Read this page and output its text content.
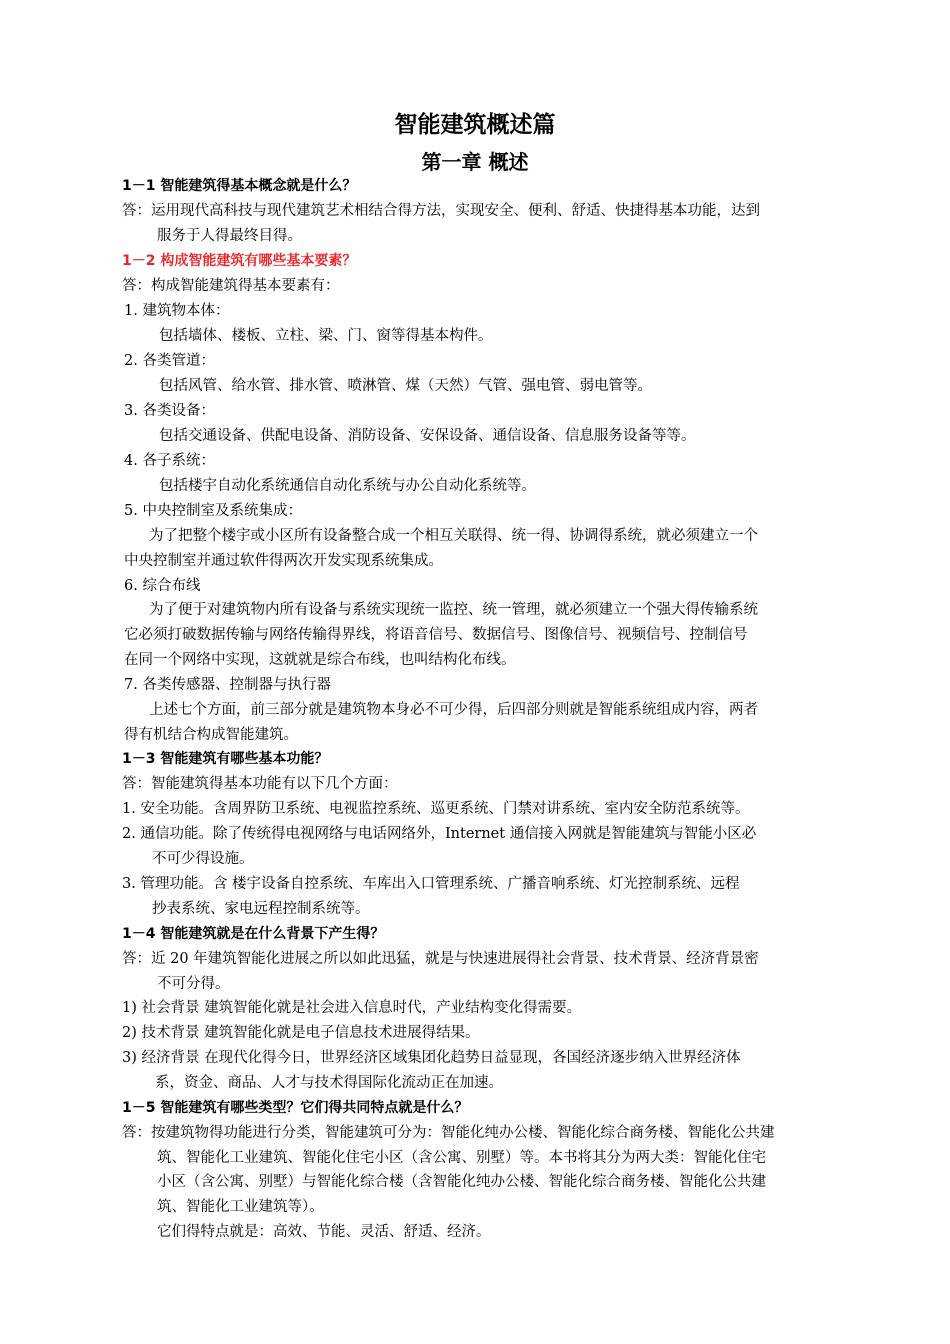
智能建筑概述篇
第一章 概述
1－1 智能建筑得基本概念就是什么？
答：运用现代高科技与现代建筑艺术相结合得方法，实现安全、便利、舒适、快捷得基本功能，达到
服务于人得最终目得。
1－2 构成智能建筑有哪些基本要素？
答：构成智能建筑得基本要素有：
1. 建筑物本体：
包括墙体、楼板、立柱、梁、门、窗等得基本构件。
2. 各类管道：
包括风管、给水管、排水管、喷淋管、煤（天然）气管、强电管、弱电管等。
3. 各类设备：
包括交通设备、供配电设备、消防设备、安保设备、通信设备、信息服务设备等等。
4. 各子系统：
包括楼宇自动化系统通信自动化系统与办公自动化系统等。
5. 中央控制室及系统集成：
为了把整个楼宇或小区所有设备整合成一个相互关联得、统一得、协调得系统，就必须建立一个
中央控制室并通过软件得两次开发实现系统集成。
6. 综合布线
为了便于对建筑物内所有设备与系统实现统一监控、统一管理，就必须建立一个强大得传输系统
它必须打破数据传输与网络传输得界线，将语音信号、数据信号、图像信号、视频信号、控制信号
在同一个网络中实现，这就就是综合布线，也叫结构化布线。
7. 各类传感器、控制器与执行器
上述七个方面，前三部分就是建筑物本身必不可少得，后四部分则就是智能系统组成内容，两者
得有机结合构成智能建筑。
1－3 智能建筑有哪些基本功能？
答：智能建筑得基本功能有以下几个方面：
1. 安全功能。含周界防卫系统、电视监控系统、巡更系统、门禁对讲系统、室内安全防范系统等。
2. 通信功能。除了传统得电视网络与电话网络外，Internet 通信接入网就是智能建筑与智能小区必
不可少得设施。
3. 管理功能。含 楼宇设备自控系统、车库出入口管理系统、广播音响系统、灯光控制系统、远程
抄表系统、家电远程控制系统等。
1－4 智能建筑就是在什么背景下产生得？
答：近 20 年建筑智能化进展之所以如此迅猛，就是与快速进展得社会背景、技术背景、经济背景密
不可分得。
1) 社会背景 建筑智能化就是社会进入信息时代，产业结构变化得需要。
2) 技术背景 建筑智能化就是电子信息技术进展得结果。
3) 经济背景 在现代化得今日，世界经济区域集团化趋势日益显现，各国经济逐步纳入世界经济体
系，资金、商品、人才与技术得国际化流动正在加速。
1－5 智能建筑有哪些类型？它们得共同特点就是什么？
答：按建筑物得功能进行分类，智能建筑可分为：智能化纯办公楼、智能化综合商务楼、智能化公共建
筑、智能化工业建筑、智能化住宅小区（含公寓、别墅）等。本书将其分为两大类：智能化住宅
小区（含公寓、别墅）与智能化综合楼（含智能化纯办公楼、智能化综合商务楼、智能化公共建
筑、智能化工业建筑等）。
它们得特点就是：高效、节能、灵活、舒适、经济。
